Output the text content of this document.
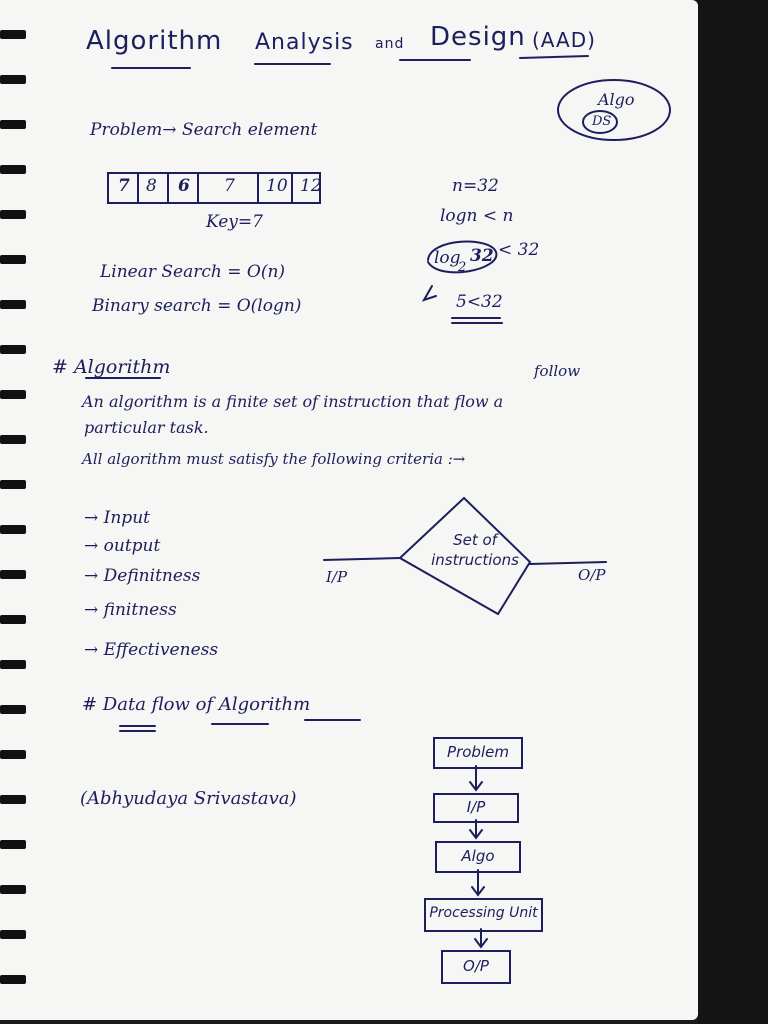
Algorithm Analysis and Design (AAD)
Algo
DS
Problem→ Search element
7 8 6 7 10 12
Key=7
n=32
logn < n
log
2
32 < 32
5<32
Linear Search = O(n)
Binary search = O(logn)
# Algorithm	follow
An algorithm is a finite set of instruction that flow a
particular task.
All algorithm must satisfy the following criteria :→
→ Input
→ output
→ Definitness
→ finitness
→ Effectiveness
Set of
instructions
I/P	O/P
# Data flow of Algorithm
(Abhyudaya Srivastava)
Problem
I/P
Algo
Processing Unit
O/P
